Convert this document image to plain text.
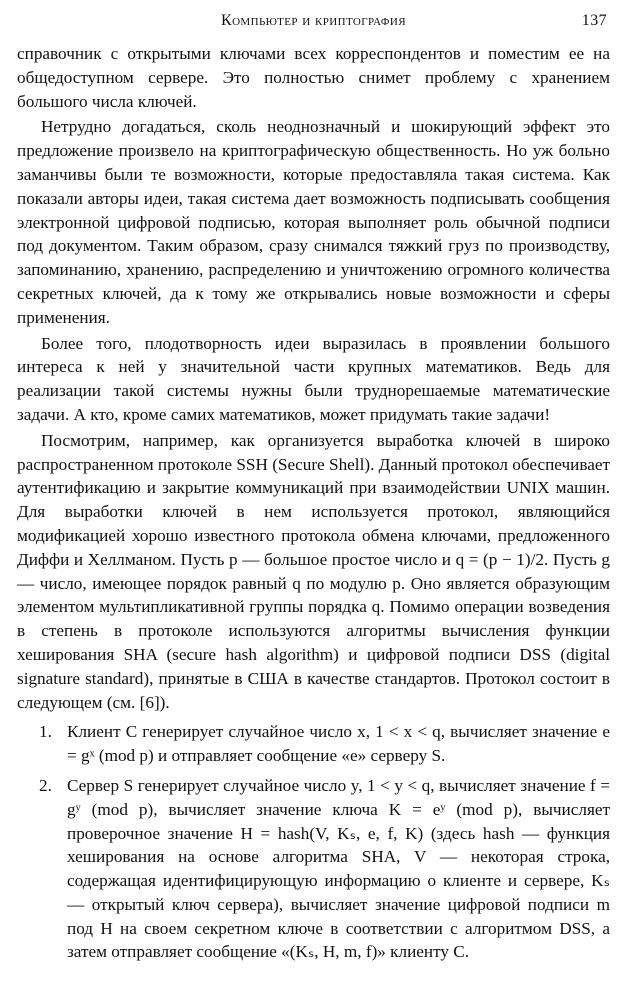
Компьютер и криптография	137

справочник с открытыми ключами всех корреспондентов и поместим ее на общедоступном сервере. Это полностью снимет проблему с хранением большого числа ключей.

Нетрудно догадаться, сколь неоднозначный и шокирующий эффект это предложение произвело на криптографическую общественность. Но уж больно заманчивы были те возможности, которые предоставляла такая система. Как показали авторы идеи, такая система дает возможность подписывать сообщения электронной цифровой подписью, которая выполняет роль обычной подписи под документом. Таким образом, сразу снимался тяжкий груз по производству, запоминанию, хранению, распределению и уничтожению огромного количества секретных ключей, да к тому же открывались новые возможности и сферы применения.

Более того, плодотворность идеи выразилась в проявлении большого интереса к ней у значительной части крупных математиков. Ведь для реализации такой системы нужны были труднорешаемые математические задачи. А кто, кроме самих математиков, может придумать такие задачи!

Посмотрим, например, как организуется выработка ключей в широко распространенном протоколе SSH (Secure Shell). Данный протокол обеспечивает аутентификацию и закрытие коммуникаций при взаимодействии UNIX машин. Для выработки ключей в нем используется протокол, являющийся модификацией хорошо известного протокола обмена ключами, предложенного Диффи и Хеллманом. Пусть p — большое простое число и q = (p − 1)/2. Пусть g — число, имеющее порядок равный q по модулю p. Оно является образующим элементом мультипликативной группы порядка q. Помимо операции возведения в степень в протоколе используются алгоритмы вычисления функции хеширования SHA (secure hash algorithm) и цифровой подписи DSS (digital signature standard), принятые в США в качестве стандартов. Протокол состоит в следующем (см. [6]).

1. Клиент C генерирует случайное число x, 1 < x < q, вычисляет значение e = gˣ (mod p) и отправляет сообщение «e» серверу S.
2. Сервер S генерирует случайное число y, 1 < y < q, вычисляет значение f = gʸ (mod p), вычисляет значение ключа K = eʸ (mod p), вычисляет проверочное значение H = hash(V, Kₛ, e, f, K) (здесь hash — функция хеширования на основе алгоритма SHA, V — некоторая строка, содержащая идентифицирующую информацию о клиенте и сервере, Kₛ — открытый ключ сервера), вычисляет значение цифровой подписи m под H на своем секретном ключе в соответствии с алгоритмом DSS, а затем отправляет сообщение «(Kₛ, H, m, f)» клиенту C.
